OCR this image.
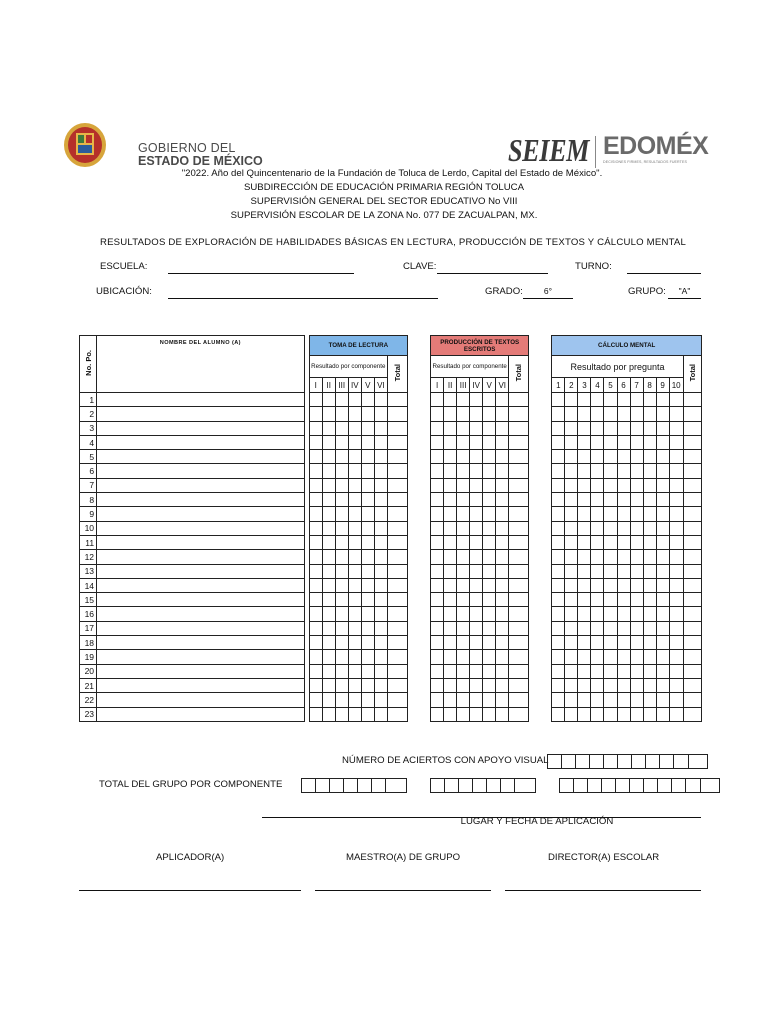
GOBIERNO DEL
ESTADO DE MÉXICO	SEIEM EDOMÉX
DECISIONES FIRMES, RESULTADOS FUERTES
"2022. Año del Quincentenario de la Fundación de Toluca de Lerdo, Capital del Estado de México".
SUBDIRECCIÓN DE EDUCACIÓN PRIMARIA REGIÓN TOLUCA
SUPERVISIÓN GENERAL DEL SECTOR EDUCATIVO No VIII
SUPERVISIÓN ESCOLAR DE LA ZONA No. 077 DE ZACUALPAN, MX.
RESULTADOS DE EXPLORACIÓN DE HABILIDADES BÁSICAS EN LECTURA, PRODUCCIÓN DE TEXTOS Y CÁLCULO MENTAL
ESCUELA:	CLAVE:	TURNO:
UBICACIÓN:	GRADO:	6°	GRUPO:	"A"
No. Po.	NOMBRE DEL ALUMNO (A)		TOMA DE LECTURA								PRODUCCIÓN DE TEXTOS ESCRITOS								CÁLCULO MENTAL										
			Resultado por componente						Total		Resultado por componente						Total		Resultado por pregunta										Total
			I	II	III	IV	V	VI			I	II	III	IV	V	VI			1	2	3	4	5	6	7	8	9	10	
1																													
2																													
3																													
4																													
5																													
6																													
7																													
8																													
9																													
10																													
11																													
12																													
13																													
14																													
15																													
16																													
17																													
18																													
19																													
20																													
21																													
22																													
23																													
NÚMERO DE ACIERTOS CON APOYO VISUAL

TOTAL DEL GRUPO POR COMPONENTE

LUGAR Y FECHA DE APLICACIÓN
APLICADOR(A)	MAESTRO(A) DE GRUPO	DIRECTOR(A) ESCOLAR
